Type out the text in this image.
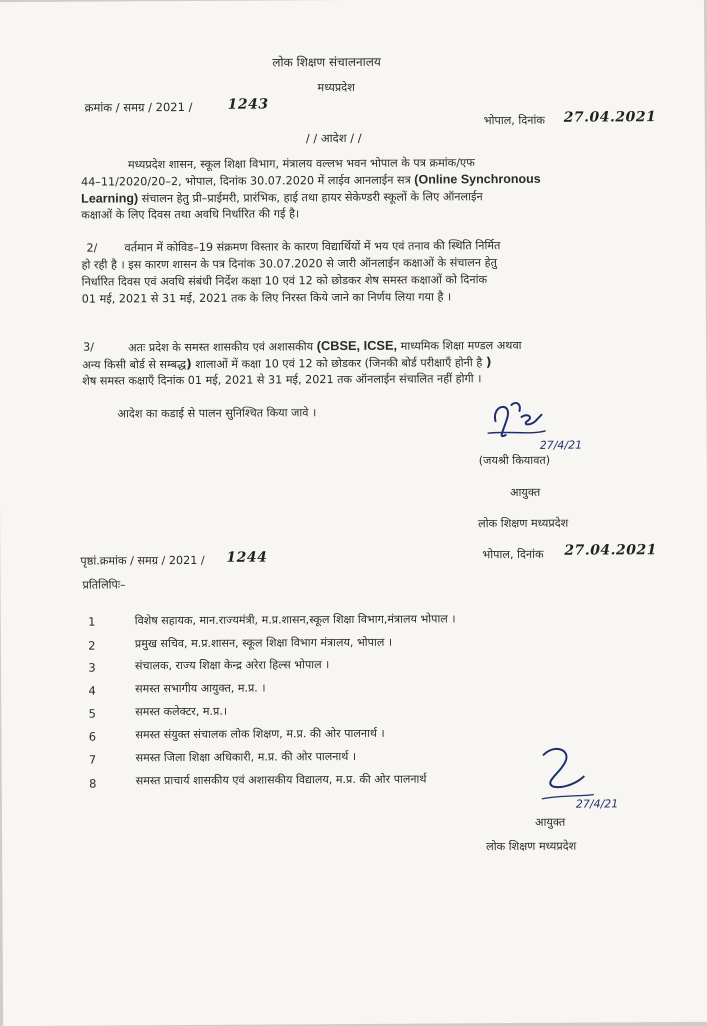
लोक शिक्षण संचालनालय
मध्यप्रदेश
क्रमांक / समग्र / 2021 /	1243
भोपाल, दिनांक 27.04.2021
/ / आदेश / /
मध्यप्रदेश शासन, स्कूल शिक्षा विभाग, मंत्रालय वल्लभ भवन भोपाल के पत्र क्रमांक/एफ
44–11/2020/20–2, भोपाल, दिनांक 30.07.2020 में लाईव आनलाईन सत्र (Online Synchronous
Learning) संचालन हेतु प्री–प्राईमरी, प्रारंभिक, हाई तथा हायर सेकेण्डरी स्कूलों के लिए ऑनलाईन
कक्षाओं के लिए दिवस तथा अवधि निर्धारित की गई है।
2/ वर्तमान में कोविड–19 संक्रमण विस्तार के कारण विद्यार्थियों में भय एवं तनाव की स्थिति निर्मित
हो रही है । इस कारण शासन के पत्र दिनांक 30.07.2020 से जारी ऑनलाईन कक्षाओं के संचालन हेतु
निर्धारित दिवस एवं अवधि संबंधी निर्देश कक्षा 10 एवं 12 को छोडकर शेष समस्त कक्षाओं को दिनांक
01 मई, 2021 से 31 मई, 2021 तक के लिए निरस्त किये जाने का निर्णय लिया गया है ।
3/	अतः प्रदेश के समस्त शासकीय एवं अशासकीय (CBSE, ICSE, माध्यमिक शिक्षा मण्डल अथवा
अन्य किसी बोर्ड से सम्बद्ध) शालाओं में कक्षा 10 एवं 12 को छोडकर (जिनकी बोर्ड परीक्षाएँ होनी है )
शेष समस्त कक्षाएँ दिनांक 01 मई, 2021 से 31 मई, 2021 तक ऑनलाईन संचालित नहीं होगी ।
आदेश का कडाई से पालन सुनिश्चित किया जावे ।
27/4/21
(जयश्री कियावत)
आयुक्त
लोक शिक्षण मध्यप्रदेश
पृष्ठां.क्रमांक / समग्र / 2021 / 1244	भोपाल, दिनांक 27.04.2021
प्रतिलिपिः–
1	विशेष सहायक, मान.राज्यमंत्री, म.प्र.शासन,स्कूल शिक्षा विभाग,मंत्रालय भोपाल ।
2	प्रमुख सचिव, म.प्र.शासन, स्कूल शिक्षा विभाग मंत्रालय, भोपाल ।
3	संचालक, राज्य शिक्षा केन्द्र अरेरा हिल्स भोपाल ।
4	समस्त सभागीय आयुक्त, म.प्र. ।
5	समस्त कलेक्टर, म.प्र.।
6	समस्त संयुक्त संचालक लोक शिक्षण, म.प्र. की ओर पालनार्थ ।
7	समस्त जिला शिक्षा अधिकारी, म.प्र. की ओर पालनार्थ ।
8	समस्त प्राचार्य शासकीय एवं अशासकीय विद्यालय, म.प्र. की ओर पालनार्थ
27/4/21
आयुक्त
लोक शिक्षण मध्यप्रदेश
